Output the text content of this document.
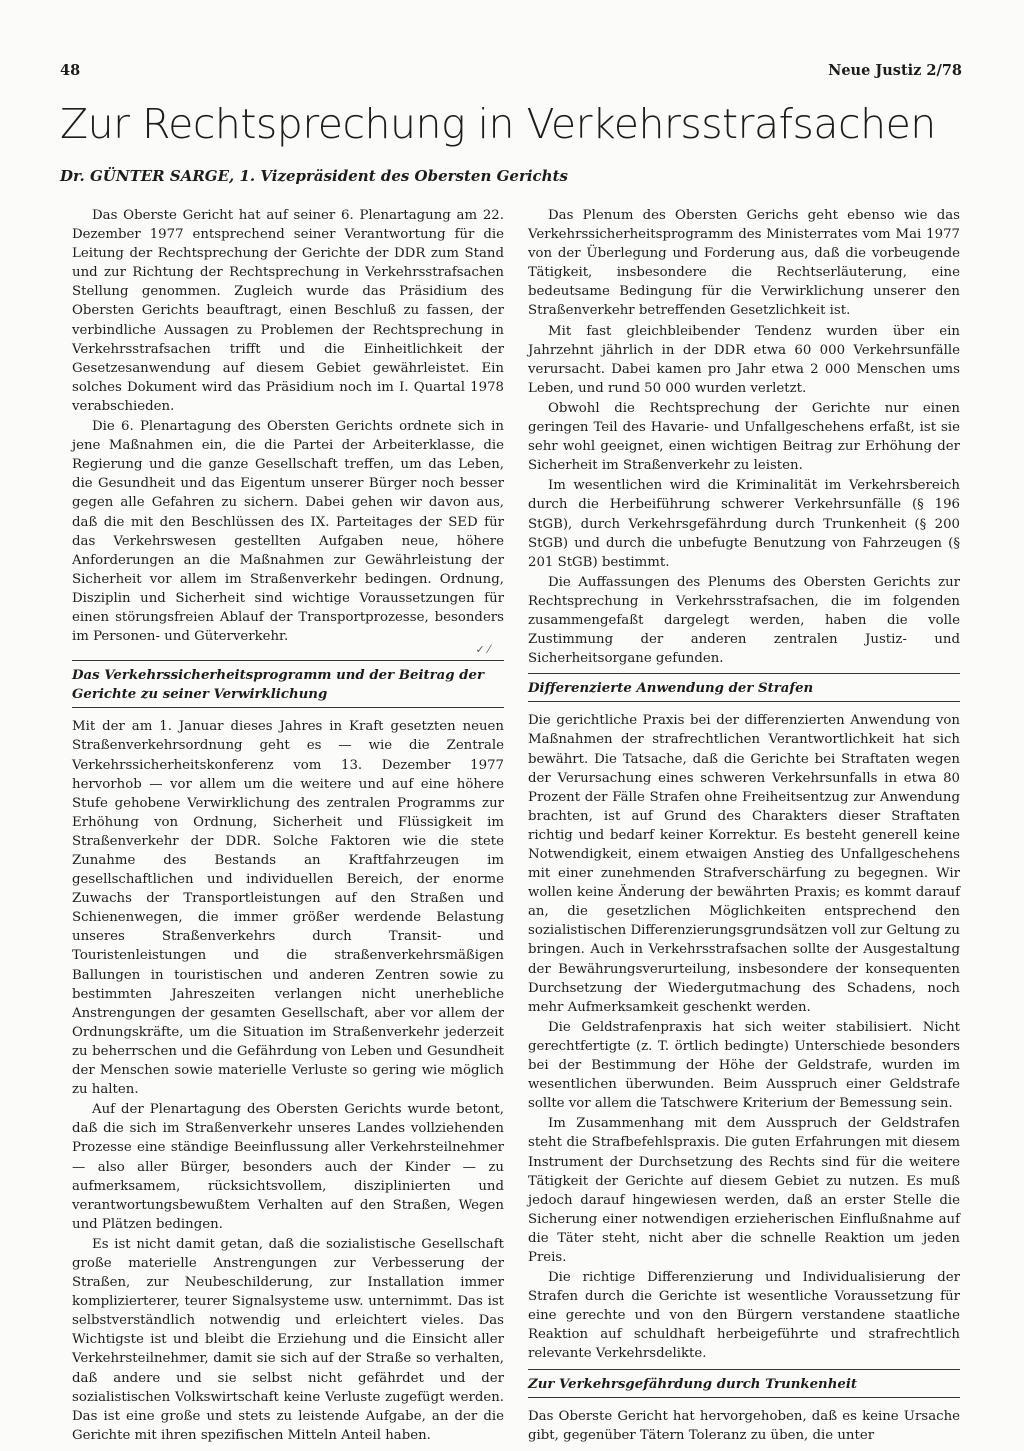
48	Neue Justiz 2/78
Zur Rechtsprechung in Verkehrsstrafsachen
Dr. GÜNTER SARGE, 1. Vizepräsident des Obersten Gerichts

Das Oberste Gericht hat auf seiner 6. Plenartagung am 22. Dezember 1977 entsprechend seiner Verantwortung für die Leitung der Rechtsprechung der Gerichte der DDR zum Stand und zur Richtung der Rechtsprechung in Verkehrsstrafsachen Stellung genommen. Zugleich wurde das Präsidium des Obersten Gerichts beauftragt, einen Beschluß zu fassen, der verbindliche Aussagen zu Problemen der Rechtsprechung in Verkehrsstrafsachen trifft und die Einheitlichkeit der Gesetzesanwendung auf diesem Gebiet gewährleistet. Ein solches Dokument wird das Präsidium noch im I. Quartal 1978 verabschieden.

Die 6. Plenartagung des Obersten Gerichts ordnete sich in jene Maßnahmen ein, die die Partei der Arbeiterklasse, die Regierung und die ganze Gesellschaft treffen, um das Leben, die Gesundheit und das Eigentum unserer Bürger noch besser gegen alle Gefahren zu sichern. Dabei gehen wir davon aus, daß die mit den Beschlüssen des IX. Parteitages der SED für das Verkehrswesen gestellten Aufgaben neue, höhere Anforderungen an die Maßnahmen zur Gewährleistung der Sicherheit vor allem im Straßenverkehr bedingen. Ordnung, Disziplin und Sicherheit sind wichtige Voraussetzungen für einen störungsfreien Ablauf der Transportprozesse, besonders im Personen- und Güterverkehr.

✓ ⁄
Das Verkehrssicherheitsprogramm und der Beitrag der Gerichte zu seiner Verwirklichung

Mit der am 1. Januar dieses Jahres in Kraft gesetzten neuen Straßenverkehrsordnung geht es — wie die Zentrale Verkehrssicherheitskonferenz vom 13. Dezember 1977 hervorhob — vor allem um die weitere und auf eine höhere Stufe gehobene Verwirklichung des zentralen Programms zur Erhöhung von Ordnung, Sicherheit und Flüssigkeit im Straßenverkehr der DDR. Solche Faktoren wie die stete Zunahme des Bestands an Kraftfahrzeugen im gesellschaftlichen und individuellen Bereich, der enorme Zuwachs der Transportleistungen auf den Straßen und Schienenwegen, die immer größer werdende Belastung unseres Straßenverkehrs durch Transit- und Touristenleistungen und die straßenverkehrsmäßigen Ballungen in touristischen und anderen Zentren sowie zu bestimmten Jahreszeiten verlangen nicht unerhebliche Anstrengungen der gesamten Gesellschaft, aber vor allem der Ordnungskräfte, um die Situation im Straßenverkehr jederzeit zu beherrschen und die Gefährdung von Leben und Gesundheit der Menschen sowie materielle Verluste so gering wie möglich zu halten.

Auf der Plenartagung des Obersten Gerichts wurde betont, daß die sich im Straßenverkehr unseres Landes vollziehenden Prozesse eine ständige Beeinflussung aller Verkehrsteilnehmer — also aller Bürger, besonders auch der Kinder — zu aufmerksamem, rücksichtsvollem, disziplinierten und verantwortungsbewußtem Verhalten auf den Straßen, Wegen und Plätzen bedingen.

Es ist nicht damit getan, daß die sozialistische Gesellschaft große materielle Anstrengungen zur Verbesserung der Straßen, zur Neubeschilderung, zur Installation immer komplizierterer, teurer Signalsysteme usw. unternimmt. Das ist selbstverständlich notwendig und erleichtert vieles. Das Wichtigste ist und bleibt die Erziehung und die Einsicht aller Verkehrsteilnehmer, damit sie sich auf der Straße so verhalten, daß andere und sie selbst nicht gefährdet und der sozialistischen Volkswirtschaft keine Verluste zugefügt werden. Das ist eine große und stets zu leistende Aufgabe, an der die Gerichte mit ihren spezifischen Mitteln Anteil haben.

Das Plenum des Obersten Gerichs geht ebenso wie das Verkehrssicherheitsprogramm des Ministerrates vom Mai 1977 von der Überlegung und Forderung aus, daß die vorbeugende Tätigkeit, insbesondere die Rechtserläuterung, eine bedeutsame Bedingung für die Verwirklichung unserer den Straßenverkehr betreffenden Gesetzlichkeit ist.

Mit fast gleichbleibender Tendenz wurden über ein Jahrzehnt jährlich in der DDR etwa 60 000 Verkehrsunfälle verursacht. Dabei kamen pro Jahr etwa 2 000 Menschen ums Leben, und rund 50 000 wurden verletzt.

Obwohl die Rechtsprechung der Gerichte nur einen geringen Teil des Havarie- und Unfallgeschehens erfaßt, ist sie sehr wohl geeignet, einen wichtigen Beitrag zur Erhöhung der Sicherheit im Straßenverkehr zu leisten.

Im wesentlichen wird die Kriminalität im Verkehrsbereich durch die Herbeiführung schwerer Verkehrsunfälle (§ 196 StGB), durch Verkehrsgefährdung durch Trunkenheit (§ 200 StGB) und durch die unbefugte Benutzung von Fahrzeugen (§ 201 StGB) bestimmt.

Die Auffassungen des Plenums des Obersten Gerichts zur Rechtsprechung in Verkehrsstrafsachen, die im folgenden zusammengefaßt dargelegt werden, haben die volle Zustimmung der anderen zentralen Justiz- und Sicherheitsorgane gefunden.

Differenzierte Anwendung der Strafen

Die gerichtliche Praxis bei der differenzierten Anwendung von Maßnahmen der strafrechtlichen Verantwortlichkeit hat sich bewährt. Die Tatsache, daß die Gerichte bei Straftaten wegen der Verursachung eines schweren Verkehrsunfalls in etwa 80 Prozent der Fälle Strafen ohne Freiheitsentzug zur Anwendung brachten, ist auf Grund des Charakters dieser Straftaten richtig und bedarf keiner Korrektur. Es besteht generell keine Notwendigkeit, einem etwaigen Anstieg des Unfallgeschehens mit einer zunehmenden Strafverschärfung zu begegnen. Wir wollen keine Änderung der bewährten Praxis; es kommt darauf an, die gesetzlichen Möglichkeiten entsprechend den sozialistischen Differenzierungsgrundsätzen voll zur Geltung zu bringen. Auch in Verkehrsstrafsachen sollte der Ausgestaltung der Bewährungsverurteilung, insbesondere der konsequenten Durchsetzung der Wiedergutmachung des Schadens, noch mehr Aufmerksamkeit geschenkt werden.

Die Geldstrafenpraxis hat sich weiter stabilisiert. Nicht gerechtfertigte (z. T. örtlich bedingte) Unterschiede besonders bei der Bestimmung der Höhe der Geldstrafe, wurden im wesentlichen überwunden. Beim Ausspruch einer Geldstrafe sollte vor allem die Tatschwere Kriterium der Bemessung sein.

Im Zusammenhang mit dem Ausspruch der Geldstrafen steht die Strafbefehlspraxis. Die guten Erfahrungen mit diesem Instrument der Durchsetzung des Rechts sind für die weitere Tätigkeit der Gerichte auf diesem Gebiet zu nutzen. Es muß jedoch darauf hingewiesen werden, daß an erster Stelle die Sicherung einer notwendigen erzieherischen Einflußnahme auf die Täter steht, nicht aber die schnelle Reaktion um jeden Preis.

Die richtige Differenzierung und Individualisierung der Strafen durch die Gerichte ist wesentliche Voraussetzung für eine gerechte und von den Bürgern verstandene staatliche Reaktion auf schuldhaft herbeigeführte und strafrechtlich relevante Verkehrsdelikte.

Zur Verkehrsgefährdung durch Trunkenheit

Das Oberste Gericht hat hervorgehoben, daß es keine Ursache gibt, gegenüber Tätern Toleranz zu üben, die unter
